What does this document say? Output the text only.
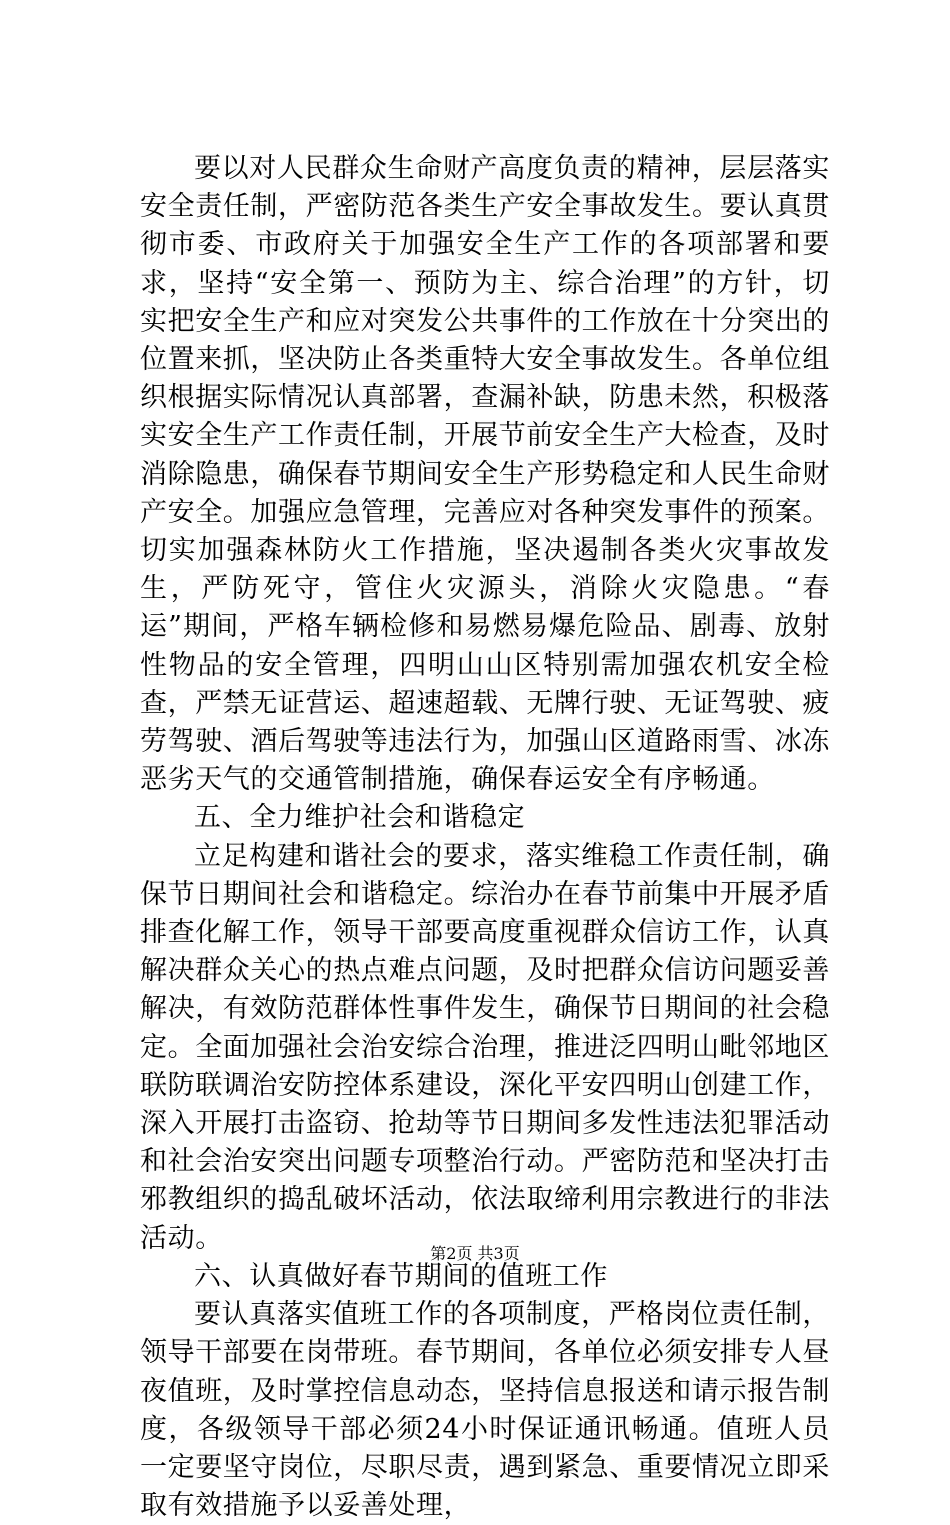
要以对人民群众生命财产高度负责的精神，层层落实安全责任制，严密防范各类生产安全事故发生。要认真贯彻市委、市政府关于加强安全生产工作的各项部署和要求，坚持“安全第一、预防为主、综合治理”的方针，切实把安全生产和应对突发公共事件的工作放在十分突出的位置来抓，坚决防止各类重特大安全事故发生。各单位组织根据实际情况认真部署，查漏补缺，防患未然，积极落实安全生产工作责任制，开展节前安全生产大检查，及时消除隐患，确保春节期间安全生产形势稳定和人民生命财产安全。加强应急管理，完善应对各种突发事件的预案。切实加强森林防火工作措施，坚决遏制各类火灾事故发生，严防死守，管住火灾源头，消除火灾隐患。“春运”期间，严格车辆检修和易燃易爆危险品、剧毒、放射性物品的安全管理，四明山山区特别需加强农机安全检查，严禁无证营运、超速超载、无牌行驶、无证驾驶、疲劳驾驶、酒后驾驶等违法行为，加强山区道路雨雪、冰冻恶劣天气的交通管制措施，确保春运安全有序畅通。

五、全力维护社会和谐稳定

立足构建和谐社会的要求，落实维稳工作责任制，确保节日期间社会和谐稳定。综治办在春节前集中开展矛盾排查化解工作，领导干部要高度重视群众信访工作，认真解决群众关心的热点难点问题，及时把群众信访问题妥善解决，有效防范群体性事件发生，确保节日期间的社会稳定。全面加强社会治安综合治理，推进泛四明山毗邻地区联防联调治安防控体系建设，深化平安四明山创建工作，深入开展打击盗窃、抢劫等节日期间多发性违法犯罪活动和社会治安突出问题专项整治行动。严密防范和坚决打击邪教组织的捣乱破坏活动，依法取缔利用宗教进行的非法活动。

六、认真做好春节期间的值班工作

要认真落实值班工作的各项制度，严格岗位责任制，领导干部要在岗带班。春节期间，各单位必须安排专人昼夜值班，及时掌控信息动态，坚持信息报送和请示报告制度，各级领导干部必须24小时保证通讯畅通。值班人员一定要坚守岗位，尽职尽责，遇到紧急、重要情况立即采取有效措施予以妥善处理，

第2页 共3页
